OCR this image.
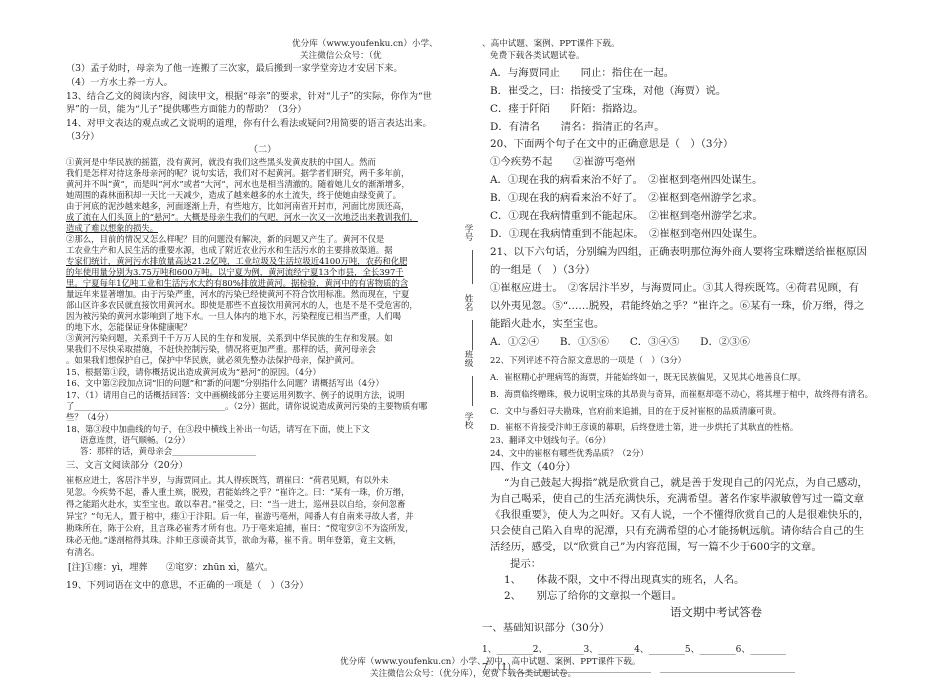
优分库（www.youfenku.cn）小学、
关注微信公众号：（优
、高中试题、案例、PPT课件下载。
免费下载各类试题试卷。
（3）孟子幼时，母亲为了他一连搬了三次家，最后搬到一家学堂旁边才安居下来。
（4）一方水土养一方人。
13、结合乙文的阅读内容，阅读甲文，根据“母亲”的要求，针对“儿子”的实际，你作为“世
界”的一员，能为“儿子”提供哪些方面能力的帮助？（3分）
14、对甲文表达的观点或乙文说明的道理，你有什么看法或疑问?用简要的语言表达出来。
（3分）
（二）
①黄河是中华民族的摇篮，没有黄河，就没有我们这些黑头发黄皮肤的中国人。然而
我们是怎样对待这条母亲河的呢？说句实话，我们对不起黄河。据学者们研究，两千多年前，
黄河并不叫“黄”，而是叫“河水”或者“大河”，河水也是相当清澈的。随着她儿女的渐渐增多，
她周围的森林面积却一天比一天减少，造成了越来越多的水土流失，终于使她由绿变黄了。
由于河底的泥沙越来越多，河面逐渐上升，有些地方，比如河南省开封市，河面比房顶还高，
成了流在人们头顶上的“悬河”。大概是母亲生我们的气吧，河水一次又一次地泛出来教训我们，
造成了难以想象的损失。
②那么，目前的情况又怎么样呢？目的问题没有解决，新的问题又产生了。黄河不仅是
工农业生产和人民生活的重要水源，也成了附近农业污水和生活污水的主要排放渠道。据
专家们统计，黄河污水排放量高达21.2亿吨，工业垃圾及生活垃圾近4100万吨，农药和化肥
的年使用量分别为3.75万吨和600万吨。以宁夏为例，黄河流经宁夏13个市县，全长397千
里。宁夏每年1亿吨工业和生活污水大约有80%排放进黄河。据检验，黄河中的有害物质的含
量远年来显著增加。由于污染严重，河水的污染已经使黄河不符合饮用标准。然而现在，宁夏
部山区许多农民就直接饮用黄河水。即使是那些不直接饮用黄河水的人，也是不是不受危害的，
因为被污染的黄河水影响到了地下水。一旦人体内的地下水，污染程度已相当严重，人们喝
的地下水，怎能保证身体健康呢？
③黄河污染问题，关系到千千万万人民的生存和发展，关系到中华民族的生存和发展。如
果我们不尽快采取措施，不赶快控制污染，情况将更加严重。那样的话，黄河母亲会
。如果我们想保护自己，保护中华民族，就必须先整办法保护母亲，保护黄河。
15、根据第①段，请你概括说出造成黄河成为“悬河”的原因。（4分）
16、文中第②段加点词“旧的问题”和“新的问题”分别指什么问题？请概括写出（4分）
17、（1）请用自己的话概括回答：文中画横线部分主要运用列数字、例子的说明方法，说明
了____________________________________。（2分）据此，请你说说造成黄河污染的主要物质有哪
些？（4分）
18、第③段中加曲线的句子，在③段中横线上补出一句话，请写在下面，使上下文
语意连贯，语气顺畅。（2分）
答：那样的话，黄母亲会____________________
三、文言文阅读部分（20分）
崔枢应进士，客居汴半岁，与海贾同止。其人得疾既笃，谓崔曰：“荷君见顾，有以外未
见忽。今疾势不起，番人重土殡，脱殁，君能始终之乎？”崔许之。曰：“某有一珠，价万缗，
得之能蹈火赴水，实至宝也。敢以奉君。”崔受之，曰：“当一进士，巡州县以自给，奈何忽畜
异宝？”句无人，置于棺中，瘗①于汴阳。后一年，崔游丐亳州，闻番人有自南来寻故人者，并
勘珠所在，陈于公府，且言珠必崔秀才所有也。乃于亳来追捕，崔曰：“傥窀穸②不为盗所发，
珠必无他。”遂剖棺得其珠。汴帅王彦谟奇其节，欲命为幕，崔不肯。明年登第，竟主文柄，
有清名。
[注]①瘗：yì，埋葬　　②窀穸：zhūn xì，墓穴。
19、下列词语在文中的意思，不正确的一项是（　）（3分）
学号
姓名
班级
学校
A．与海贾同止　　同止：指住在一起。
B．崔受之，曰：指接受了宝珠，对他（海贾）说。
C．瘗于阡陌　　阡陌：指路边。
D．有清名　　清名：指清正的名声。
20、下面两个句子在文中的正确意思是（　）（3分）
①今疾势不起　　②崔游丐亳州
A．①现在我的病看来治不好了。　②崔枢到亳州四处谋生。
B．①现在我的病看来治不好了。　②崔枢到亳州游学乞求。
C．①现在我病情重到不能起床。　②崔枢到亳州游学乞求。
D．①现在我病情重到不能起床。　②崔枢到亳州四处谋生。
21、以下六句话，分别编为四组，正确表明那位海外商人要将宝珠赠送给崔枢原因
的一组是（　）（3分）
①崔枢应进士。　②客居汴半岁，与海贾同止。③其人得疾既笃。④荷君见顾，有
以外夷见忽。⑤“……脱殁，君能终始之乎？”崔许之。⑥某有一珠，价万缗，得之
能蹈火赴水，实至宝也。
A．①②④　　B．①⑤⑥　　C．③④⑤　　D．②③⑥
22、下列评述不符合原文意思的一项是（　）（3分）
A．崔枢精心护理病笃的海贾，并能始终如一，既无民族偏见，又见其心地善良仁厚。
B．海贾临终赠珠，极力说明宝珠的其昂贵与奇异，而崔枢却毫不动心，将其埋于棺中，故终得有清名。
C．文中与番妇寻夫勘珠，官府前来追捕，目的在于反衬崔枢的品质清廉可贵。
D．崔枢不肯接受汴帅王彦谟的幕职，后终登进士第，进一步烘托了其耿直的性格。
23、翻译文中划线句子。（6分）
24、文中的崔枢有哪些优秀品质？（2分）
四、作文（40分）
“为自己鼓起大拇指”就是欣赏自己，就是善于发现自己的闪光点，为自己感动，
为自己喝采，使自己的生活充满快乐，充满希望。著名作家毕淑敏曾写过一篇文章
《我很重要》，使人为之叫好。又有人说，一个不懂得欣赏自己的人是很难快乐的，
只会使自己陷入自卑的泥潭，只有充满希望的心才能扬帆远航。请你结合自己的生
活经历，感受，以“欣赏自己”为内容范围，写一篇不少于600字的文章。
提示：
1、　　体裁不限，文中不得出现真实的班名，人名。
2、　　别忘了给你的文章拟一个题目。
语文期中考试答卷
一、基础知识部分（30分）
1、________2、________3、________4、________5、________6、________
7、（1）______________________________　______________________________
优分库（www.youfenku.cn）小学、初中、高中试题、案例、PPT课件下载。
关注微信公众号：（优分库），免费下载各类试题试卷。
